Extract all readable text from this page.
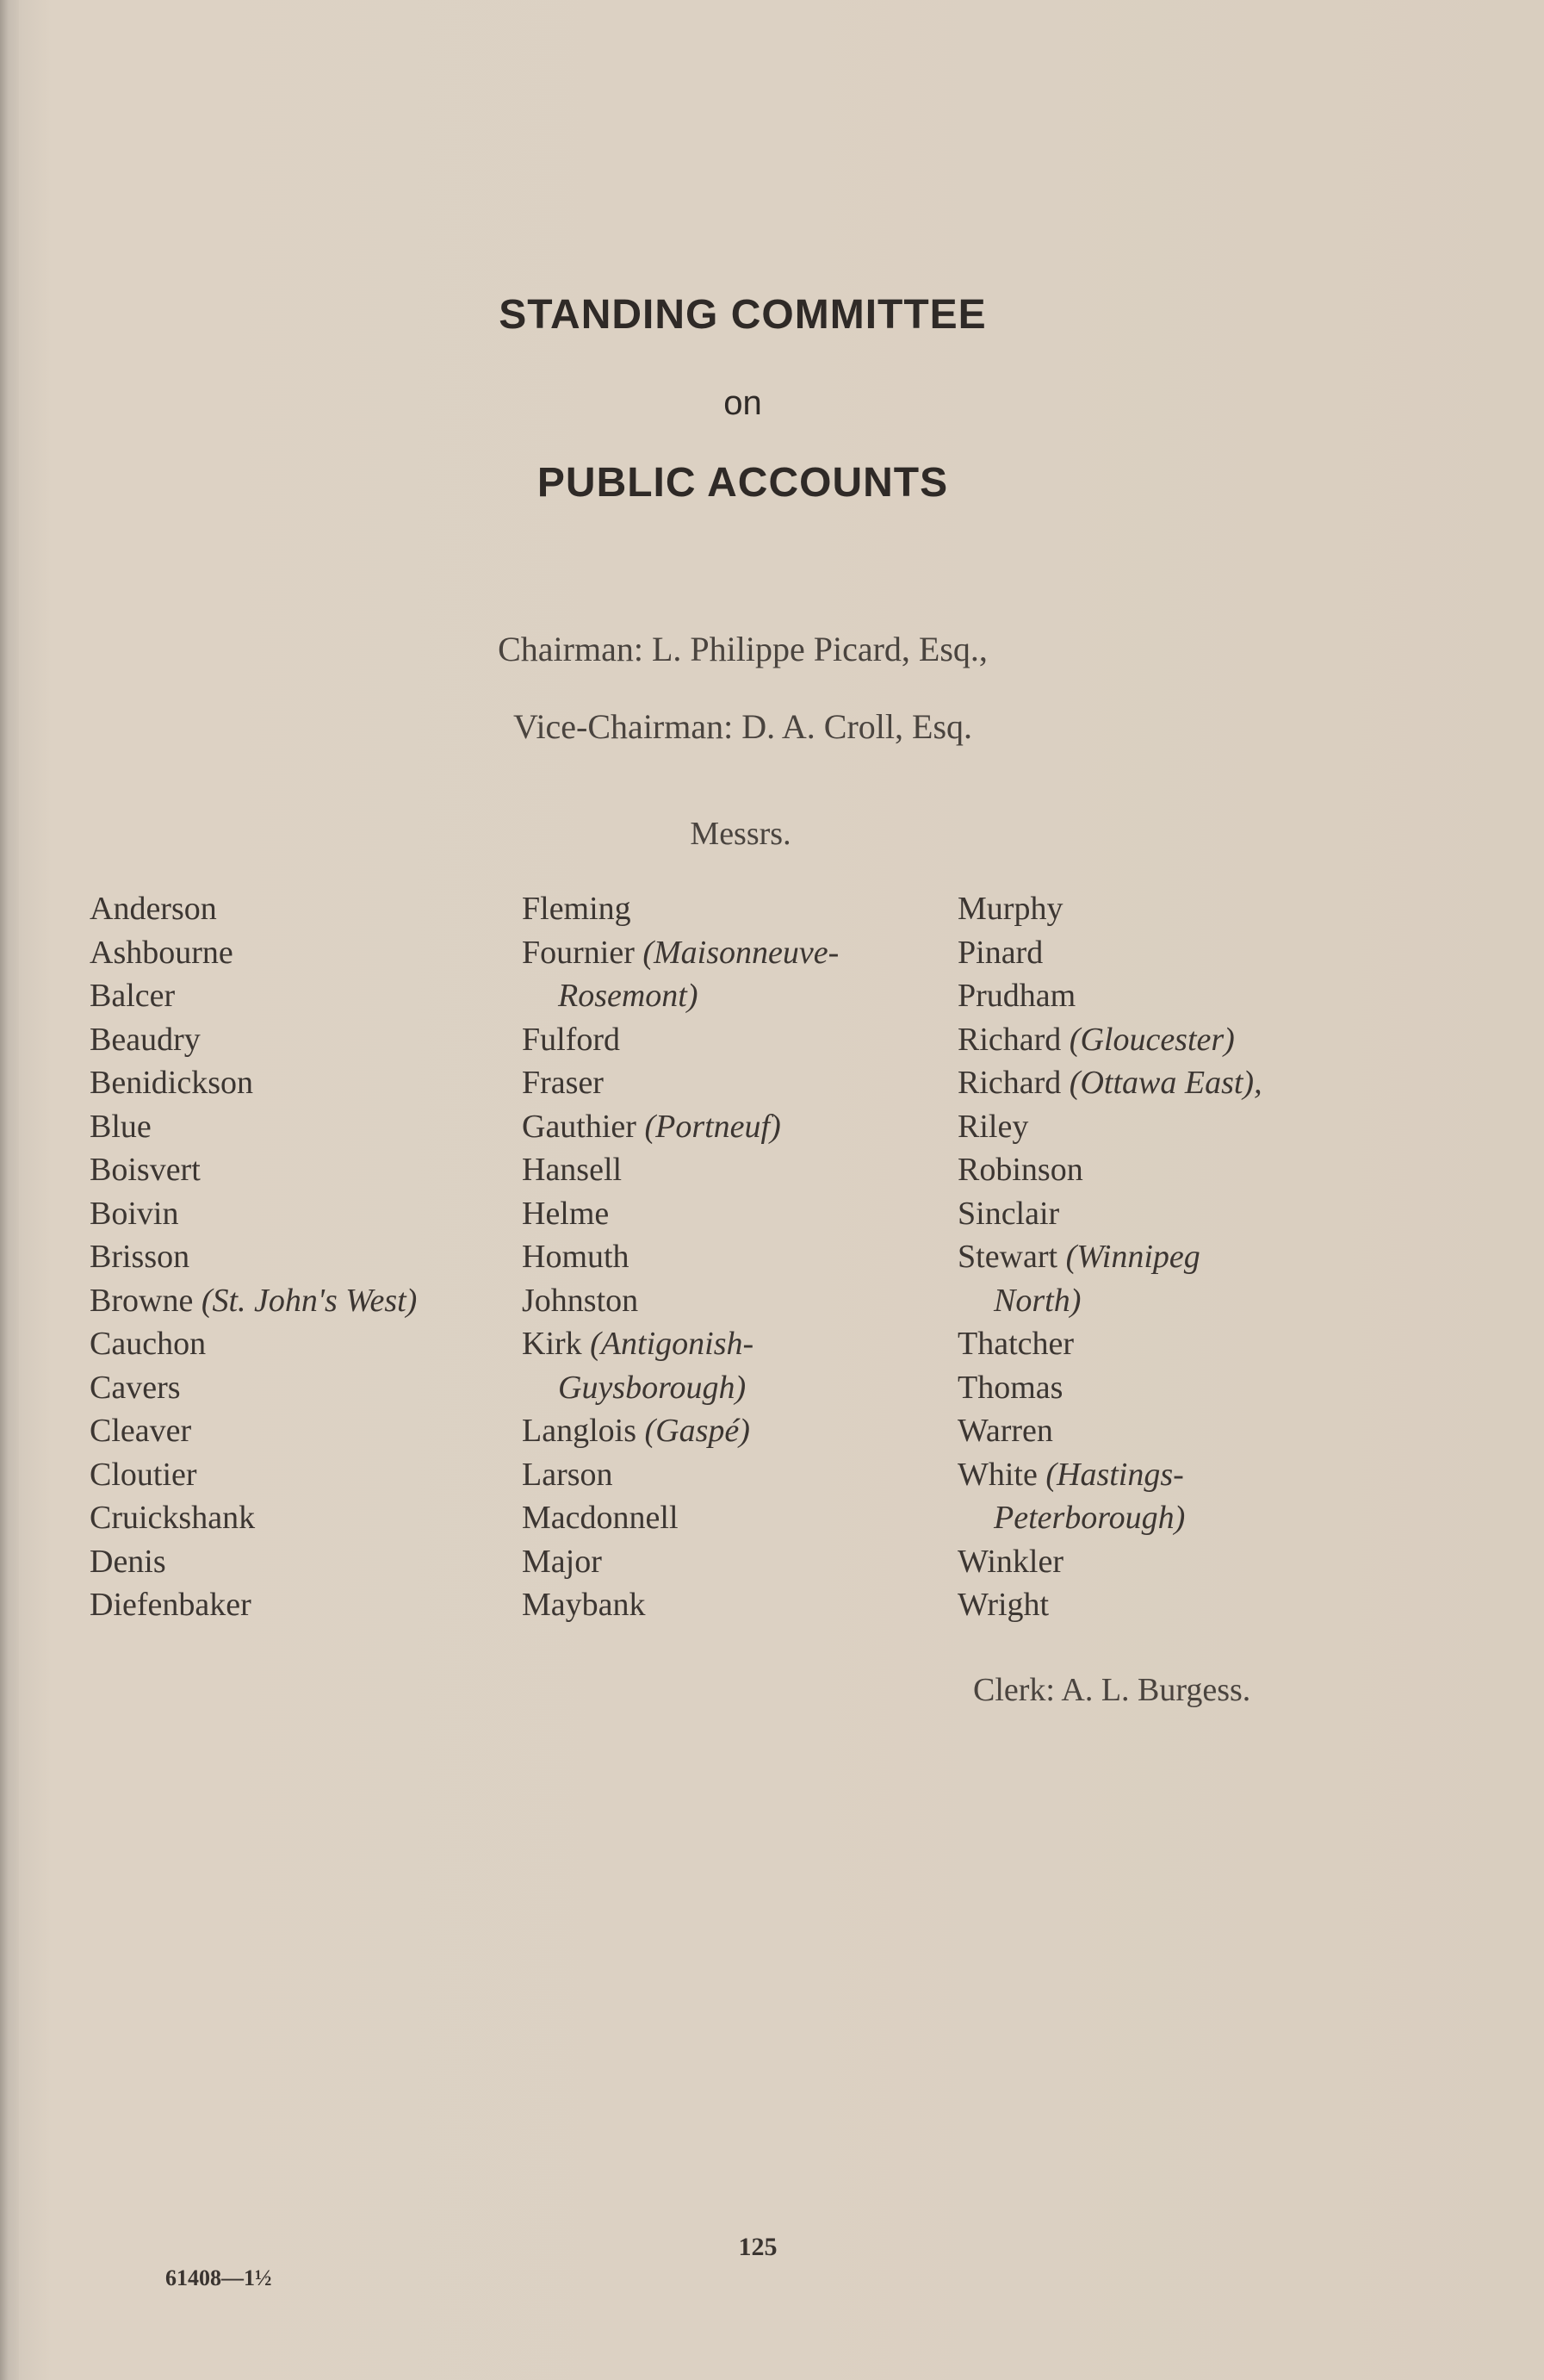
STANDING COMMITTEE
on
PUBLIC ACCOUNTS
Chairman: L. Philippe Picard, Esq.,
Vice-Chairman: D. A. Croll, Esq.
Messrs.
Anderson
Ashbourne
Balcer
Beaudry
Benidickson
Blue
Boisvert
Boivin
Brisson
Browne (St. John's West)
Cauchon
Cavers
Cleaver
Cloutier
Cruickshank
Denis
Diefenbaker
Fleming
Fournier (Maisonneuve-
Rosemont)
Fulford
Fraser
Gauthier (Portneuf)
Hansell
Helme
Homuth
Johnston
Kirk (Antigonish-
Guysborough)
Langlois (Gaspé)
Larson
Macdonnell
Major
Maybank
Murphy
Pinard
Prudham
Richard (Gloucester)
Richard (Ottawa East),
Riley
Robinson
Sinclair
Stewart (Winnipeg
North)
Thatcher
Thomas
Warren
White (Hastings-
Peterborough)
Winkler
Wright
Clerk: A. L. Burgess.
125
61408—1½
